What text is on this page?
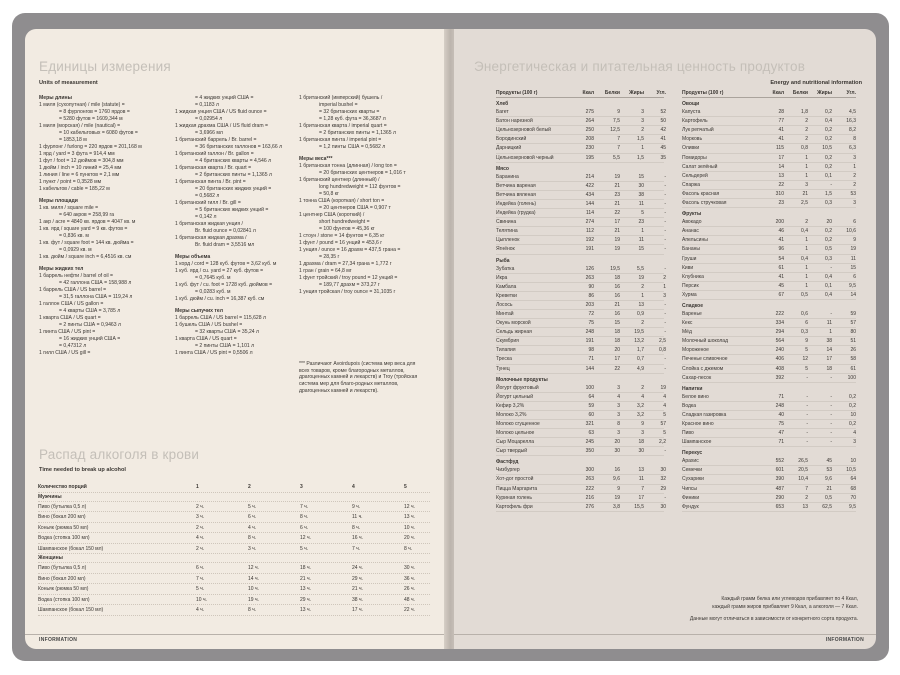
Единицы измерения
Units of measurement
Меры длины
1 миля (сухопутная) / mile (statute) =
= 8 фурлонгов = 1760 ярдов =
= 5280 футов = 1609,344 м
1 миля (морская) / mile (nautical) =
= 10 кабельтовых = 6080 футов =
= 1853,18 м
1 фурлонг / furlong = 220 ярдов = 201,168 м
1 ярд / yard = 3 фута = 914,4 мм
1 фут / foot = 12 дюймов = 304,8 мм
1 дюйм / inch = 10 линий = 25,4 мм
1 линия / line = 6 пунктов = 2,1 мм
1 пункт / point = 0,3528 мм
1 кабельтов / cable = 185,22 м
Меры площади
1 кв. миля / square mile =
= 640 акров = 258,99 га
1 акр / acre = 4840 кв. ярдов = 4047 кв. м
1 кв. ярд / square yard = 9 кв. футов =
= 0,836 кв. м
1 кв. фут / square foot = 144 кв. дюйма =
= 0,0929 кв. м
1 кв. дюйм / square inch = 6,4516 кв. см
Меры жидких тел
1 баррель нефти / barrel of oil =
= 42 галлона США = 158,988 л
1 баррель США / US barrel =
= 31,5 галлона США = 119,24 л
1 галлон США / US gallon =
= 4 кварты США = 3,785 л
1 кварта США / US quart =
= 2 пинты США = 0,9463 л
1 пинта США / US pint =
= 16 жидких унций США =
= 0,47312 л
1 гилл США / US gill =
= 4 жидких унций США =
= 0,1183 л
1 жидкая унция США / US fluid ounce =
= 0,02954 л
1 жидкая драхма США / US fluid dram =
= 3,6966 мл
1 британский баррель / Br. barrel =
= 36 британских галлонов = 163,66 л
1 британский галлон / Br. gallon =
= 4 британских кварты = 4,546 л
1 британская кварта / Br. quart =
= 2 британских пинты = 1,1365 л
1 британская пинта / Br. pint =
= 20 британских жидких унций =
= 0,5682 л
1 британский гилл / Br. gill =
= 5 британских жидких унций =
= 0,142 л
1 британская жидкая унция /
Br. fluid ounce = 0,02841 л
1 британская жидкая драхма /
Br. fluid dram = 3,5516 мл
Меры объема
1 корд / cord = 128 куб. футов = 3,62 куб. м
1 куб. ярд / cu. yard = 27 куб. футов =
= 0,7645 куб. м
1 куб. фут / cu. foot = 1728 куб. дюймов =
= 0,0283 куб. м
1 куб. дюйм / cu. inch = 16,387 куб. см
Меры сыпучих тел
1 баррель США / US barrel = 115,628 л
1 бушель США / US bushel =
= 32 кварты США = 35,24 л
1 кварта США / US quart =
= 2 пинты США = 1,101 л
1 пинта США / US pint = 0,5506 л
1 британский (имперский) бушель /
imperial bushel =
= 32 британских кварты =
= 1,28 куб. фута = 36,3687 л
1 британская кварта / imperial quart =
= 2 британских пинты = 1,1365 л
1 британская пинта / imperial pint =
= 1,2 пинты США = 0,5682 л
Меры веса***
1 британская тонна (длинная) / long ton =
= 20 британских центнеров = 1,016 т
1 британский центнер (длинный) /
long hundredweight = 112 фунтов =
= 50,8 кг
1 тонна США (короткая) / short ton =
= 20 центнеров США = 0,907 т
1 центнер США (короткий) /
short hundredweight =
= 100 фунтов = 45,36 кг
1 стоун / stone = 14 фунтов = 6,35 кг
1 фунт / pound = 16 унций = 453,6 г
1 унция / ounce = 16 драхм = 437,5 грана =
= 28,35 г
1 драхма / dram = 27,34 грана = 1,772 г
1 гран / grain = 64,8 мг
1 фунт тройский / troy pound = 12 унций =
= 189,77 драхм = 373,27 г
1 унция тройская / troy ounce = 31,1035 г
*** Различают Avoirdupois (система мер веса для всех товаров, кроме благородных металлов, драгоценных камней и лекарств) и Troy (тройская система мер для благо-родных металлов, драгоценных камней и лекарств).
Распад алкоголя в крови
Time needed to break up alcohol
Количество порций	1	2	3	4	5
Мужчины
Пиво (бутылка 0,5 л)	2 ч.	5 ч.	7 ч.	9 ч.	12 ч.
Вино (бокал 200 мл)	3 ч.	6 ч.	8 ч.	11 ч.	13 ч.
Коньяк (рюмка 50 мл)	2 ч.	4 ч.	6 ч.	8 ч.	10 ч.
Водка (стопка 100 мл)	4 ч.	8 ч.	12 ч.	16 ч.	20 ч.
Шампанское (бокал 150 мл)	2 ч.	3 ч.	5 ч.	7 ч.	8 ч.
Женщины
Пиво (бутылка 0,5 л)	6 ч.	12 ч.	18 ч.	24 ч.	30 ч.
Вино (бокал 200 мл)	7 ч.	14 ч.	21 ч.	29 ч.	36 ч.
Коньяк (рюмка 50 мл)	5 ч.	10 ч.	13 ч.	21 ч.	26 ч.
Водка (стопка 100 мл)	10 ч.	19 ч.	29 ч.	38 ч.	48 ч.
Шампанское (бокал 150 мл)	4 ч.	8 ч.	13 ч.	17 ч.	22 ч.
INFORMATION
Энергетическая и питательная ценность продуктов
Energy and nutritional information
Продукты (100 г)	Ккал	Белки	Жиры	Угл.
Хлеб
Багет	275	9	3	52
Батон нарезной	264	7,5	3	50
Цельнозерновой белый	250	12,5	2	42
Бородинский	208	7	1,5	41
Дарницкий	230	7	1	45
Цельнозерновой черный	195	5,5	1,5	35
Мясо
Баранина	214	19	15	-
Ветчина вареная	422	21	30	-
Ветчина вяленая	434	23	38	-
Индейка (голень)	144	21	11	-
Индейка (грудка)	114	22	5	-
Свинина	274	17	23	-
Телятина	112	21	1	-
Цыпленок	192	19	11	-
Ягнёнок	191	19	15	-
Рыба
Зубатка	126	19,5	5,5	-
Икра	263	18	19	2
Камбала	90	16	2	1
Креветки	86	16	1	3
Лосось	203	21	13	-
Минтай	72	16	0,9	-
Окунь морской	75	15	2	-
Сельдь жирная	248	18	19,5	-
Скумбрия	191	18	13,2	2,5
Тилапия	98	20	1,7	0,8
Треска	71	17	0,7	-
Тунец	144	22	4,9	-
Молочные продукты
Йогурт фруктовый	100	3	2	19
Йогурт цельный	64	4	4	4
Кефир 3,2%	59	3	3,2	4
Молоко 3,2%	60	3	3,2	5
Молоко сгущенное	321	8	9	57
Молоко цельное	63	3	3	5
Сыр Моцарелла	245	20	18	2,2
Сыр твердый	350	30	30	-
Фастфуд
Чизбургер	300	16	13	30
Хот-дог простой	263	9,6	11	32
Пицца Маргарита	222	9	7	29
Куриная голень	216	19	17	-
Картофель фри	276	3,8	15,5	30
Продукты (100 г)	Ккал	Белки	Жиры	Угл.
Овощи
Капуста	28	1,8	0,2	4,5
Картофель	77	2	0,4	16,3
Лук репчатый	41	2	0,2	8,2
Морковь	41	2	0,2	8
Оливки	115	0,8	10,5	6,3
Помидоры	17	1	0,2	3
Салат зелёный	14	1	0,2	1
Сельдерей	13	1	0,1	2
Спаржа	22	3	-	2
Фасоль красная	310	21	1,5	53
Фасоль стручковая	23	2,5	0,3	3
Фрукты
Авокадо	200	2	20	6
Ананас	46	0,4	0,2	10,6
Апельсины	41	1	0,2	9
Бананы	96	1	0,5	19
Груши	54	0,4	0,3	11
Киви	61	1	-	15
Клубника	41	1	0,4	6
Персик	45	1	0,1	9,5
Хурма	67	0,5	0,4	14
Сладкое
Варенье	222	0,6	-	59
Кекс	334	6	11	57
Мёд	294	0,3	1	80
Молочный шоколад	564	9	38	51
Мороженое	240	5	14	26
Печенье сливочное	406	12	17	58
Слойка с джемом	408	5	18	61
Сахар-песок	392	-	-	100
Напитки
Белое вино	71	-	-	0,2
Водка	248	-	-	0,2
Сладкая газировка	40	-	-	10
Красное вино	75	-	-	0,2
Пиво	47	-	-	4
Шампанское	71	-	-	3
Перекус
Арахис	552	26,5	45	10
Семечки	601	20,5	53	10,5
Сухарики	390	10,4	9,6	64
Чипсы	487	7	21	68
Финики	290	2	0,5	70
Фундук	653	13	62,5	9,5
Каждый грамм белка или углеводов прибавляет по 4 Ккал,
каждый грамм жиров прибавляет 9 Ккал, а алкоголя — 7 Ккал.
Данные могут отличаться в зависимости от конкретного сорта продукта.
INFORMATION
